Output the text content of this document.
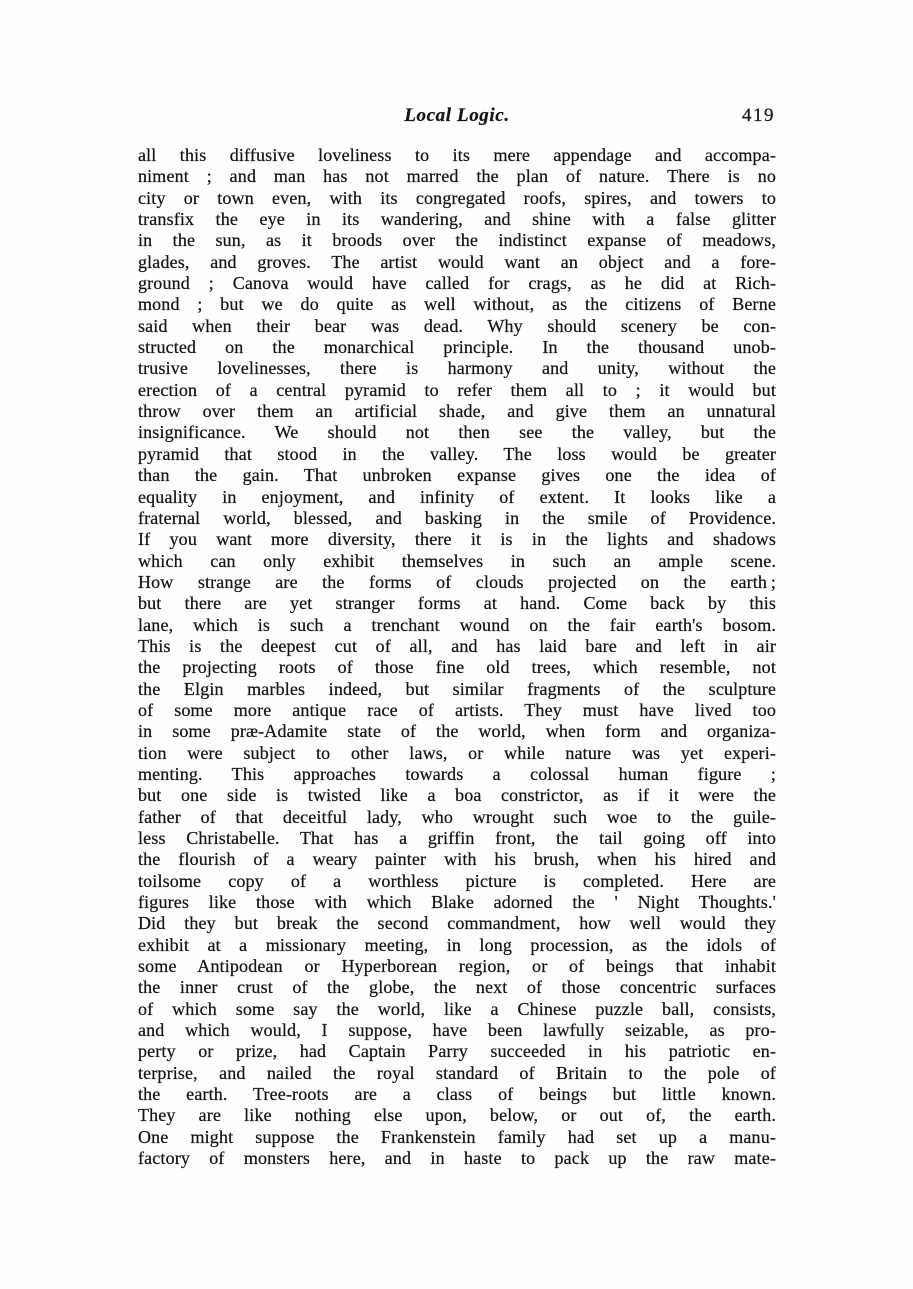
Local Logic.	419
all this diffusive loveliness to its mere appendage and accompa-
niment ; and man has not marred the plan of nature. There is no
city or town even, with its congregated roofs, spires, and towers to
transfix the eye in its wandering, and shine with a false glitter
in the sun, as it broods over the indistinct expanse of meadows,
glades, and groves. The artist would want an object and a fore-
ground ; Canova would have called for crags, as he did at Rich-
mond ; but we do quite as well without, as the citizens of Berne
said when their bear was dead. Why should scenery be con-
structed on the monarchical principle. In the thousand unob-
trusive lovelinesses, there is harmony and unity, without the
erection of a central pyramid to refer them all to ; it would but
throw over them an artificial shade, and give them an unnatural
insignificance. We should not then see the valley, but the
pyramid that stood in the valley. The loss would be greater
than the gain. That unbroken expanse gives one the idea of
equality in enjoyment, and infinity of extent. It looks like a
fraternal world, blessed, and basking in the smile of Providence.
If you want more diversity, there it is in the lights and shadows
which can only exhibit themselves in such an ample scene.
How strange are the forms of clouds projected on the earth ;
but there are yet stranger forms at hand. Come back by this
lane, which is such a trenchant wound on the fair earth's bosom.
This is the deepest cut of all, and has laid bare and left in air
the projecting roots of those fine old trees, which resemble, not
the Elgin marbles indeed, but similar fragments of the sculpture
of some more antique race of artists. They must have lived too
in some præ-Adamite state of the world, when form and organiza-
tion were subject to other laws, or while nature was yet experi-
menting. This approaches towards a colossal human figure ;
but one side is twisted like a boa constrictor, as if it were the
father of that deceitful lady, who wrought such woe to the guile-
less Christabelle. That has a griffin front, the tail going off into
the flourish of a weary painter with his brush, when his hired and
toilsome copy of a worthless picture is completed. Here are
figures like those with which Blake adorned the ' Night Thoughts.'
Did they but break the second commandment, how well would they
exhibit at a missionary meeting, in long procession, as the idols of
some Antipodean or Hyperborean region, or of beings that inhabit
the inner crust of the globe, the next of those concentric surfaces
of which some say the world, like a Chinese puzzle ball, consists,
and which would, I suppose, have been lawfully seizable, as pro-
perty or prize, had Captain Parry succeeded in his patriotic en-
terprise, and nailed the royal standard of Britain to the pole of
the earth. Tree-roots are a class of beings but little known.
They are like nothing else upon, below, or out of, the earth.
One might suppose the Frankenstein family had set up a manu-
factory of monsters here, and in haste to pack up the raw mate-
